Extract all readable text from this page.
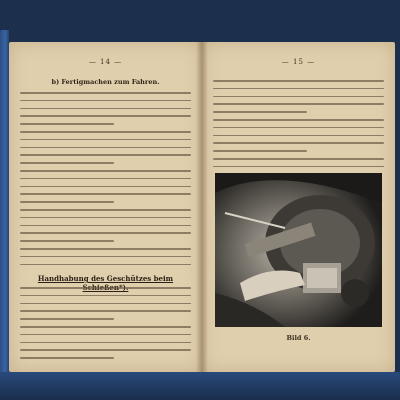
— 14 —
b) Fertigmachen zum Fahren.
Handhabung des Geschützes beim
— 15 —
Bild 6.
